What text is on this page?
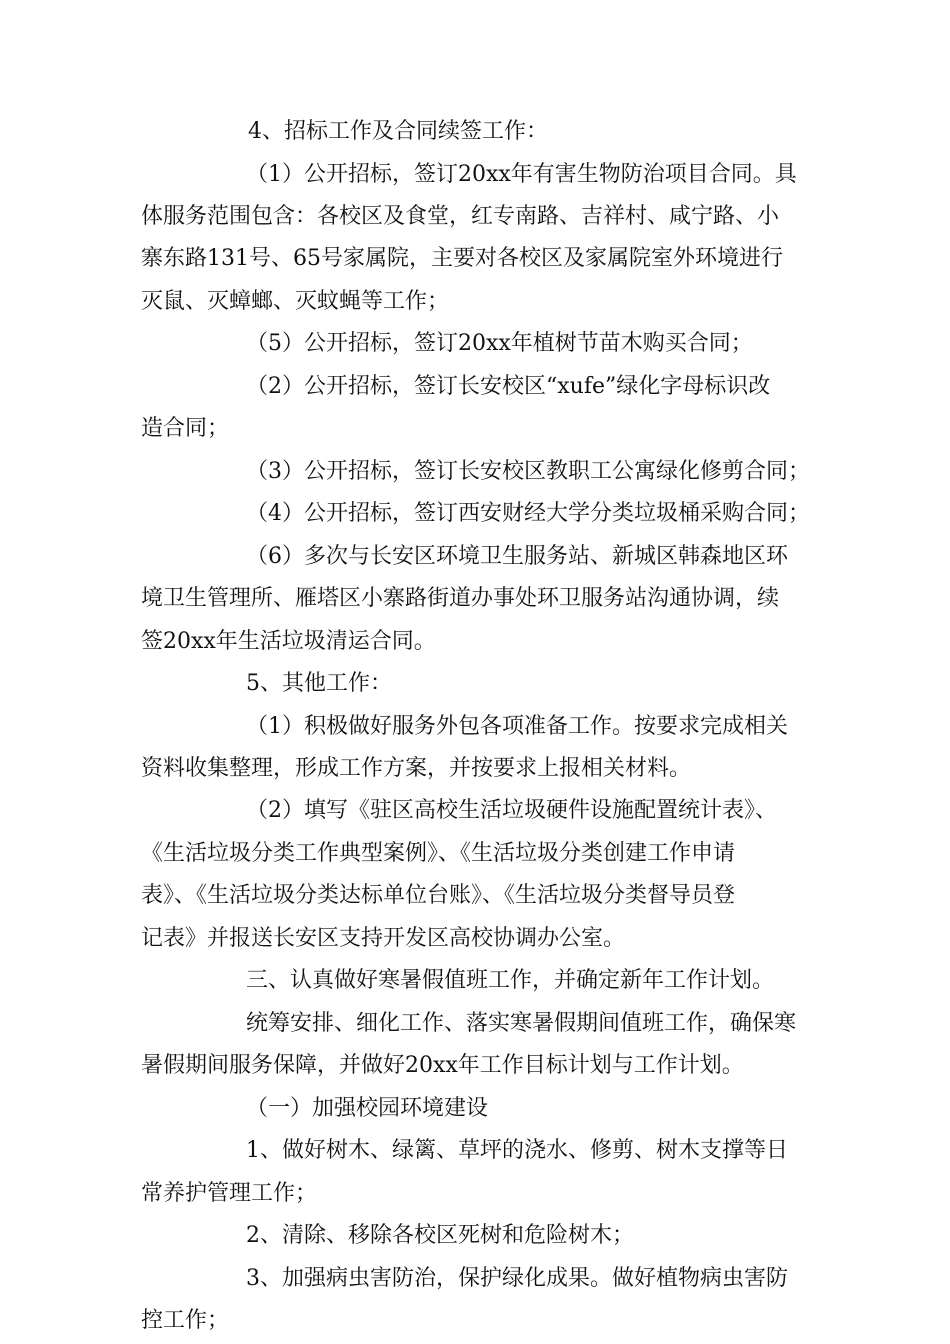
4、招标工作及合同续签工作：
（1）公开招标，签订20xx年有害生物防治项目合同。具
体服务范围包含：各校区及食堂，红专南路、吉祥村、咸宁路、小
寨东路131号、65号家属院，主要对各校区及家属院室外环境进行
灭鼠、灭蟑螂、灭蚊蝇等工作；
（5）公开招标，签订20xx年植树节苗木购买合同；
（2）公开招标，签订长安校区“xufe”绿化字母标识改
造合同；
（3）公开招标，签订长安校区教职工公寓绿化修剪合同；
（4）公开招标，签订西安财经大学分类垃圾桶采购合同；
（6）多次与长安区环境卫生服务站、新城区韩森地区环
境卫生管理所、雁塔区小寨路街道办事处环卫服务站沟通协调，续
签20xx年生活垃圾清运合同。
5、其他工作：
（1）积极做好服务外包各项准备工作。按要求完成相关
资料收集整理，形成工作方案，并按要求上报相关材料。
（2）填写《驻区高校生活垃圾硬件设施配置统计表》、
《生活垃圾分类工作典型案例》、《生活垃圾分类创建工作申请
表》、《生活垃圾分类达标单位台账》、《生活垃圾分类督导员登
记表》并报送长安区支持开发区高校协调办公室。
三、认真做好寒暑假值班工作，并确定新年工作计划。
统筹安排、细化工作、落实寒暑假期间值班工作，确保寒
暑假期间服务保障，并做好20xx年工作目标计划与工作计划。
（一）加强校园环境建设
1、做好树木、绿篱、草坪的浇水、修剪、树木支撑等日
常养护管理工作；
2、清除、移除各校区死树和危险树木；
3、加强病虫害防治，保护绿化成果。做好植物病虫害防
控工作；
